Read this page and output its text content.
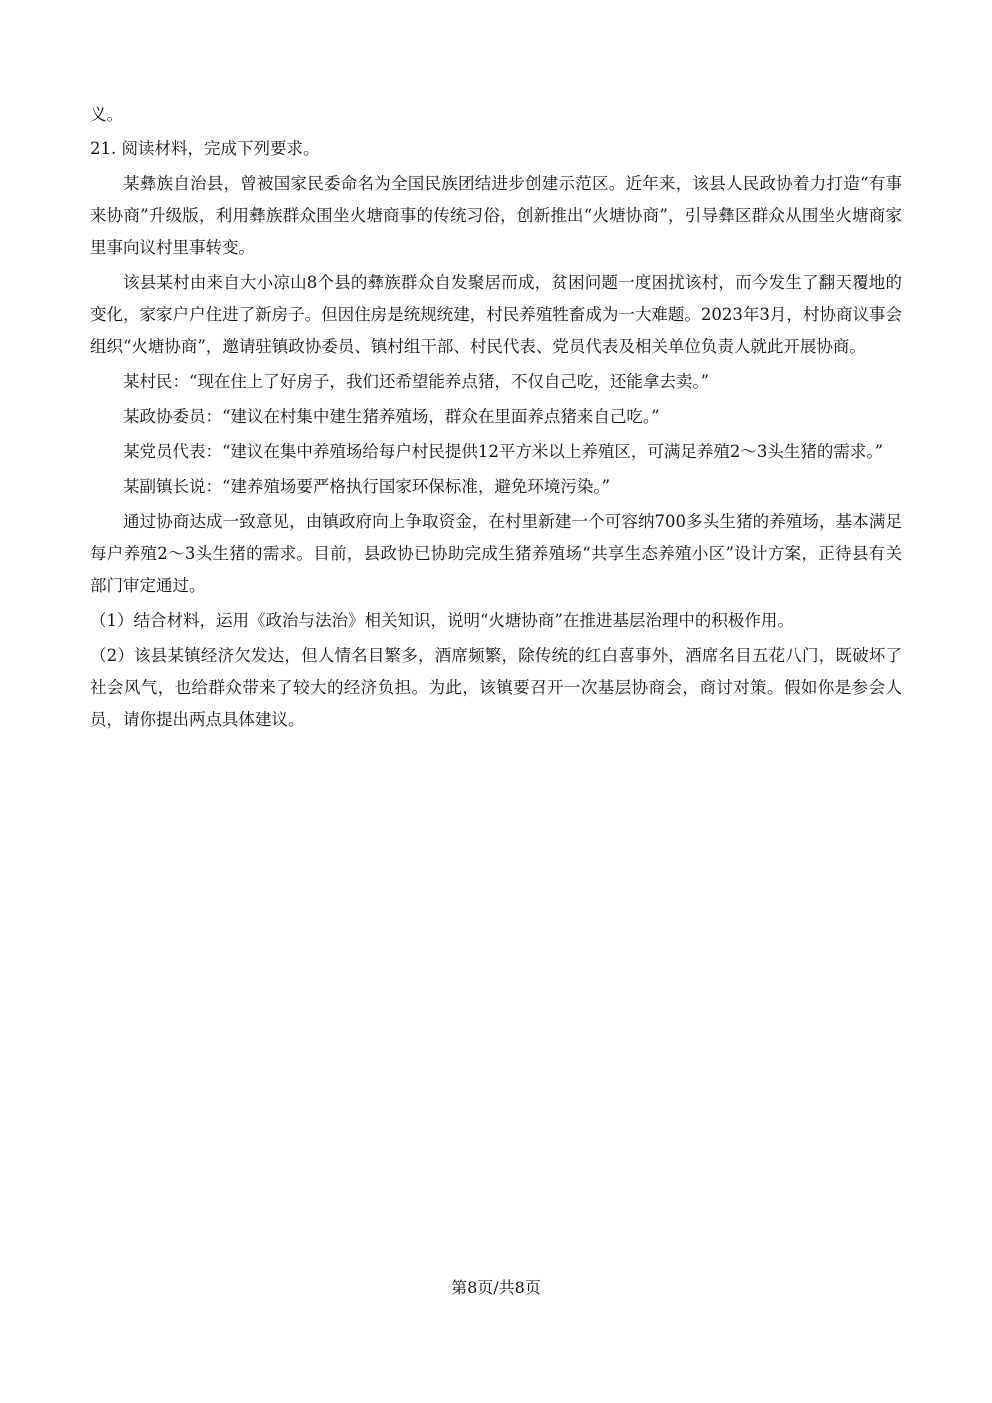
义。

21. 阅读材料，完成下列要求。

某彝族自治县，曾被国家民委命名为全国民族团结进步创建示范区。近年来，该县人民政协着力打造“有事来协商”升级版，利用彝族群众围坐火塘商事的传统习俗，创新推出“火塘协商”，引导彝区群众从围坐火塘商家里事向议村里事转变。

该县某村由来自大小凉山8个县的彝族群众自发聚居而成，贫困问题一度困扰该村，而今发生了翻天覆地的变化，家家户户住进了新房子。但因住房是统规统建，村民养殖牲畜成为一大难题。2023年3月，村协商议事会组织“火塘协商”，邀请驻镇政协委员、镇村组干部、村民代表、党员代表及相关单位负责人就此开展协商。

某村民：“现在住上了好房子，我们还希望能养点猪，不仅自己吃，还能拿去卖。”

某政协委员：“建议在村集中建生猪养殖场，群众在里面养点猪来自己吃。”

某党员代表：“建议在集中养殖场给每户村民提供12平方米以上养殖区，可满足养殖2～3头生猪的需求。”

某副镇长说：“建养殖场要严格执行国家环保标准，避免环境污染。”

通过协商达成一致意见，由镇政府向上争取资金，在村里新建一个可容纳700多头生猪的养殖场，基本满足每户养殖2～3头生猪的需求。目前，县政协已协助完成生猪养殖场“共享生态养殖小区”设计方案，正待县有关部门审定通过。

（1）结合材料，运用《政治与法治》相关知识，说明“火塘协商”在推进基层治理中的积极作用。

（2）该县某镇经济欠发达，但人情名目繁多，酒席频繁，除传统的红白喜事外，酒席名目五花八门，既破坏了社会风气，也给群众带来了较大的经济负担。为此，该镇要召开一次基层协商会，商讨对策。假如你是参会人员，请你提出两点具体建议。

第8页/共8页
